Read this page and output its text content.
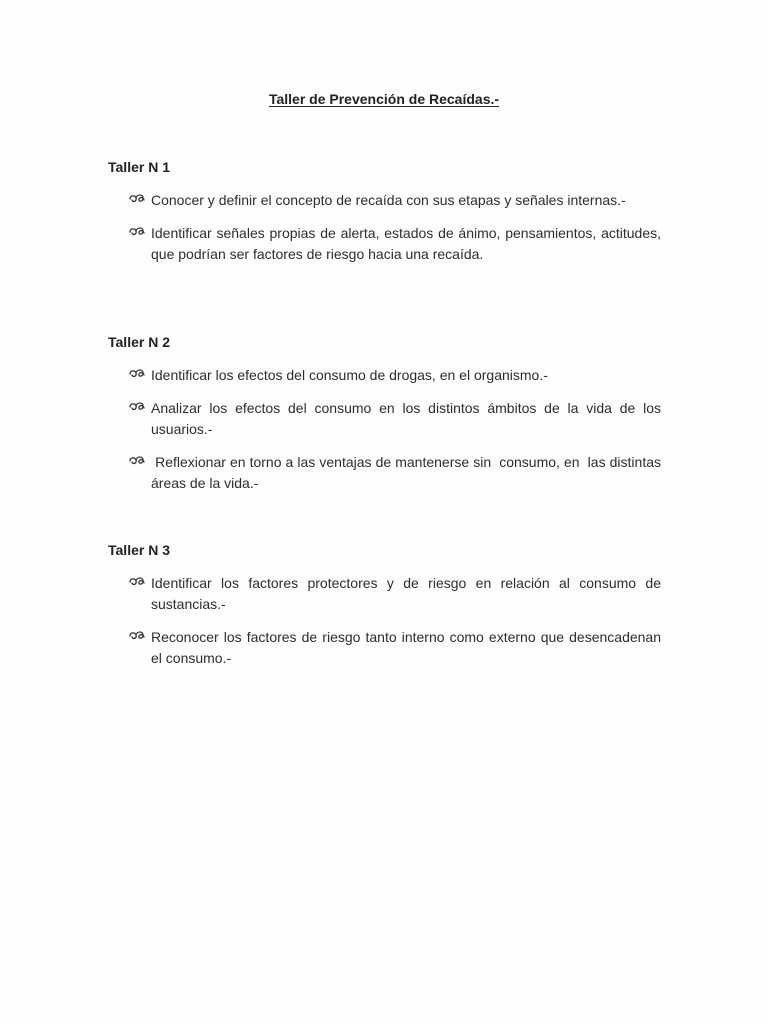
Taller de Prevención de Recaídas.-
Taller N 1
Conocer y definir el concepto de recaída con sus etapas y señales internas.-
Identificar señales propias de alerta, estados de ánimo, pensamientos, actitudes, que podrían ser factores de riesgo hacia una recaída.
Taller N 2
Identificar los efectos del consumo de drogas, en el organismo.-
Analizar los efectos del consumo en los distintos ámbitos de la vida de los usuarios.-
Reflexionar en torno a las ventajas de mantenerse sin  consumo, en  las distintas áreas de la vida.-
Taller N 3
Identificar los factores protectores y de riesgo en relación al consumo de sustancias.-
Reconocer los factores de riesgo tanto interno como externo que desencadenan el consumo.-
